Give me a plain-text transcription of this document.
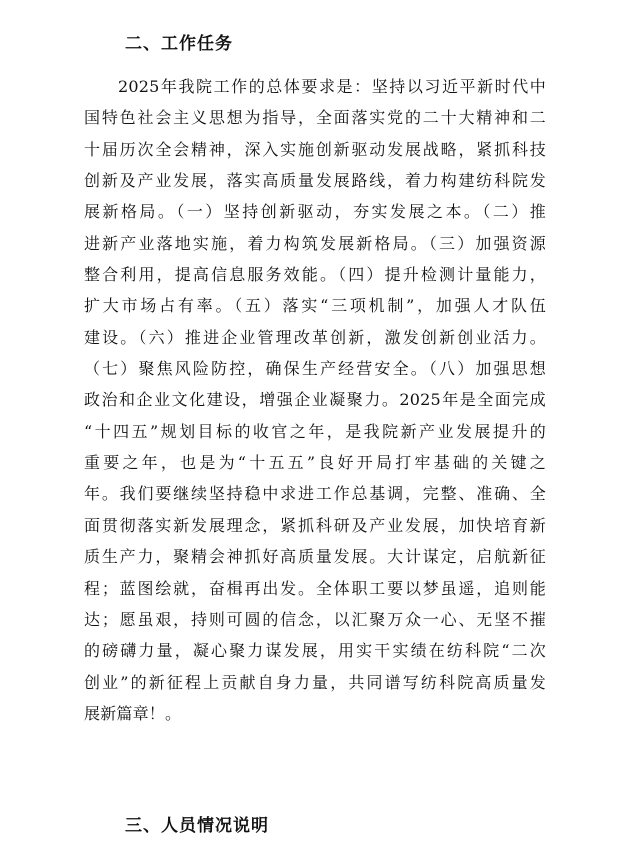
二、工作任务
2025年我院工作的总体要求是：坚持以习近平新时代中
国特色社会主义思想为指导，全面落实党的二十大精神和二
十届历次全会精神，深入实施创新驱动发展战略，紧抓科技
创新及产业发展，落实高质量发展路线，着力构建纺科院发
展新格局。（一）坚持创新驱动，夯实发展之本。（二）推
进新产业落地实施，着力构筑发展新格局。（三）加强资源
整合利用，提高信息服务效能。（四）提升检测计量能力，
扩大市场占有率。（五）落实“三项机制”，加强人才队伍
建设。（六）推进企业管理改革创新，激发创新创业活力。
（七）聚焦风险防控，确保生产经营安全。（八）加强思想
政治和企业文化建设，增强企业凝聚力。2025年是全面完成
“十四五”规划目标的收官之年，是我院新产业发展提升的
重要之年，也是为“十五五”良好开局打牢基础的关键之
年。我们要继续坚持稳中求进工作总基调，完整、准确、全
面贯彻落实新发展理念，紧抓科研及产业发展，加快培育新
质生产力，聚精会神抓好高质量发展。大计谋定，启航新征
程；蓝图绘就，奋楫再出发。全体职工要以梦虽遥，追则能
达；愿虽艰，持则可圆的信念，以汇聚万众一心、无坚不摧
的磅礴力量，凝心聚力谋发展，用实干实绩在纺科院“二次
创业”的新征程上贡献自身力量，共同谱写纺科院高质量发
展新篇章！。
三、人员情况说明
